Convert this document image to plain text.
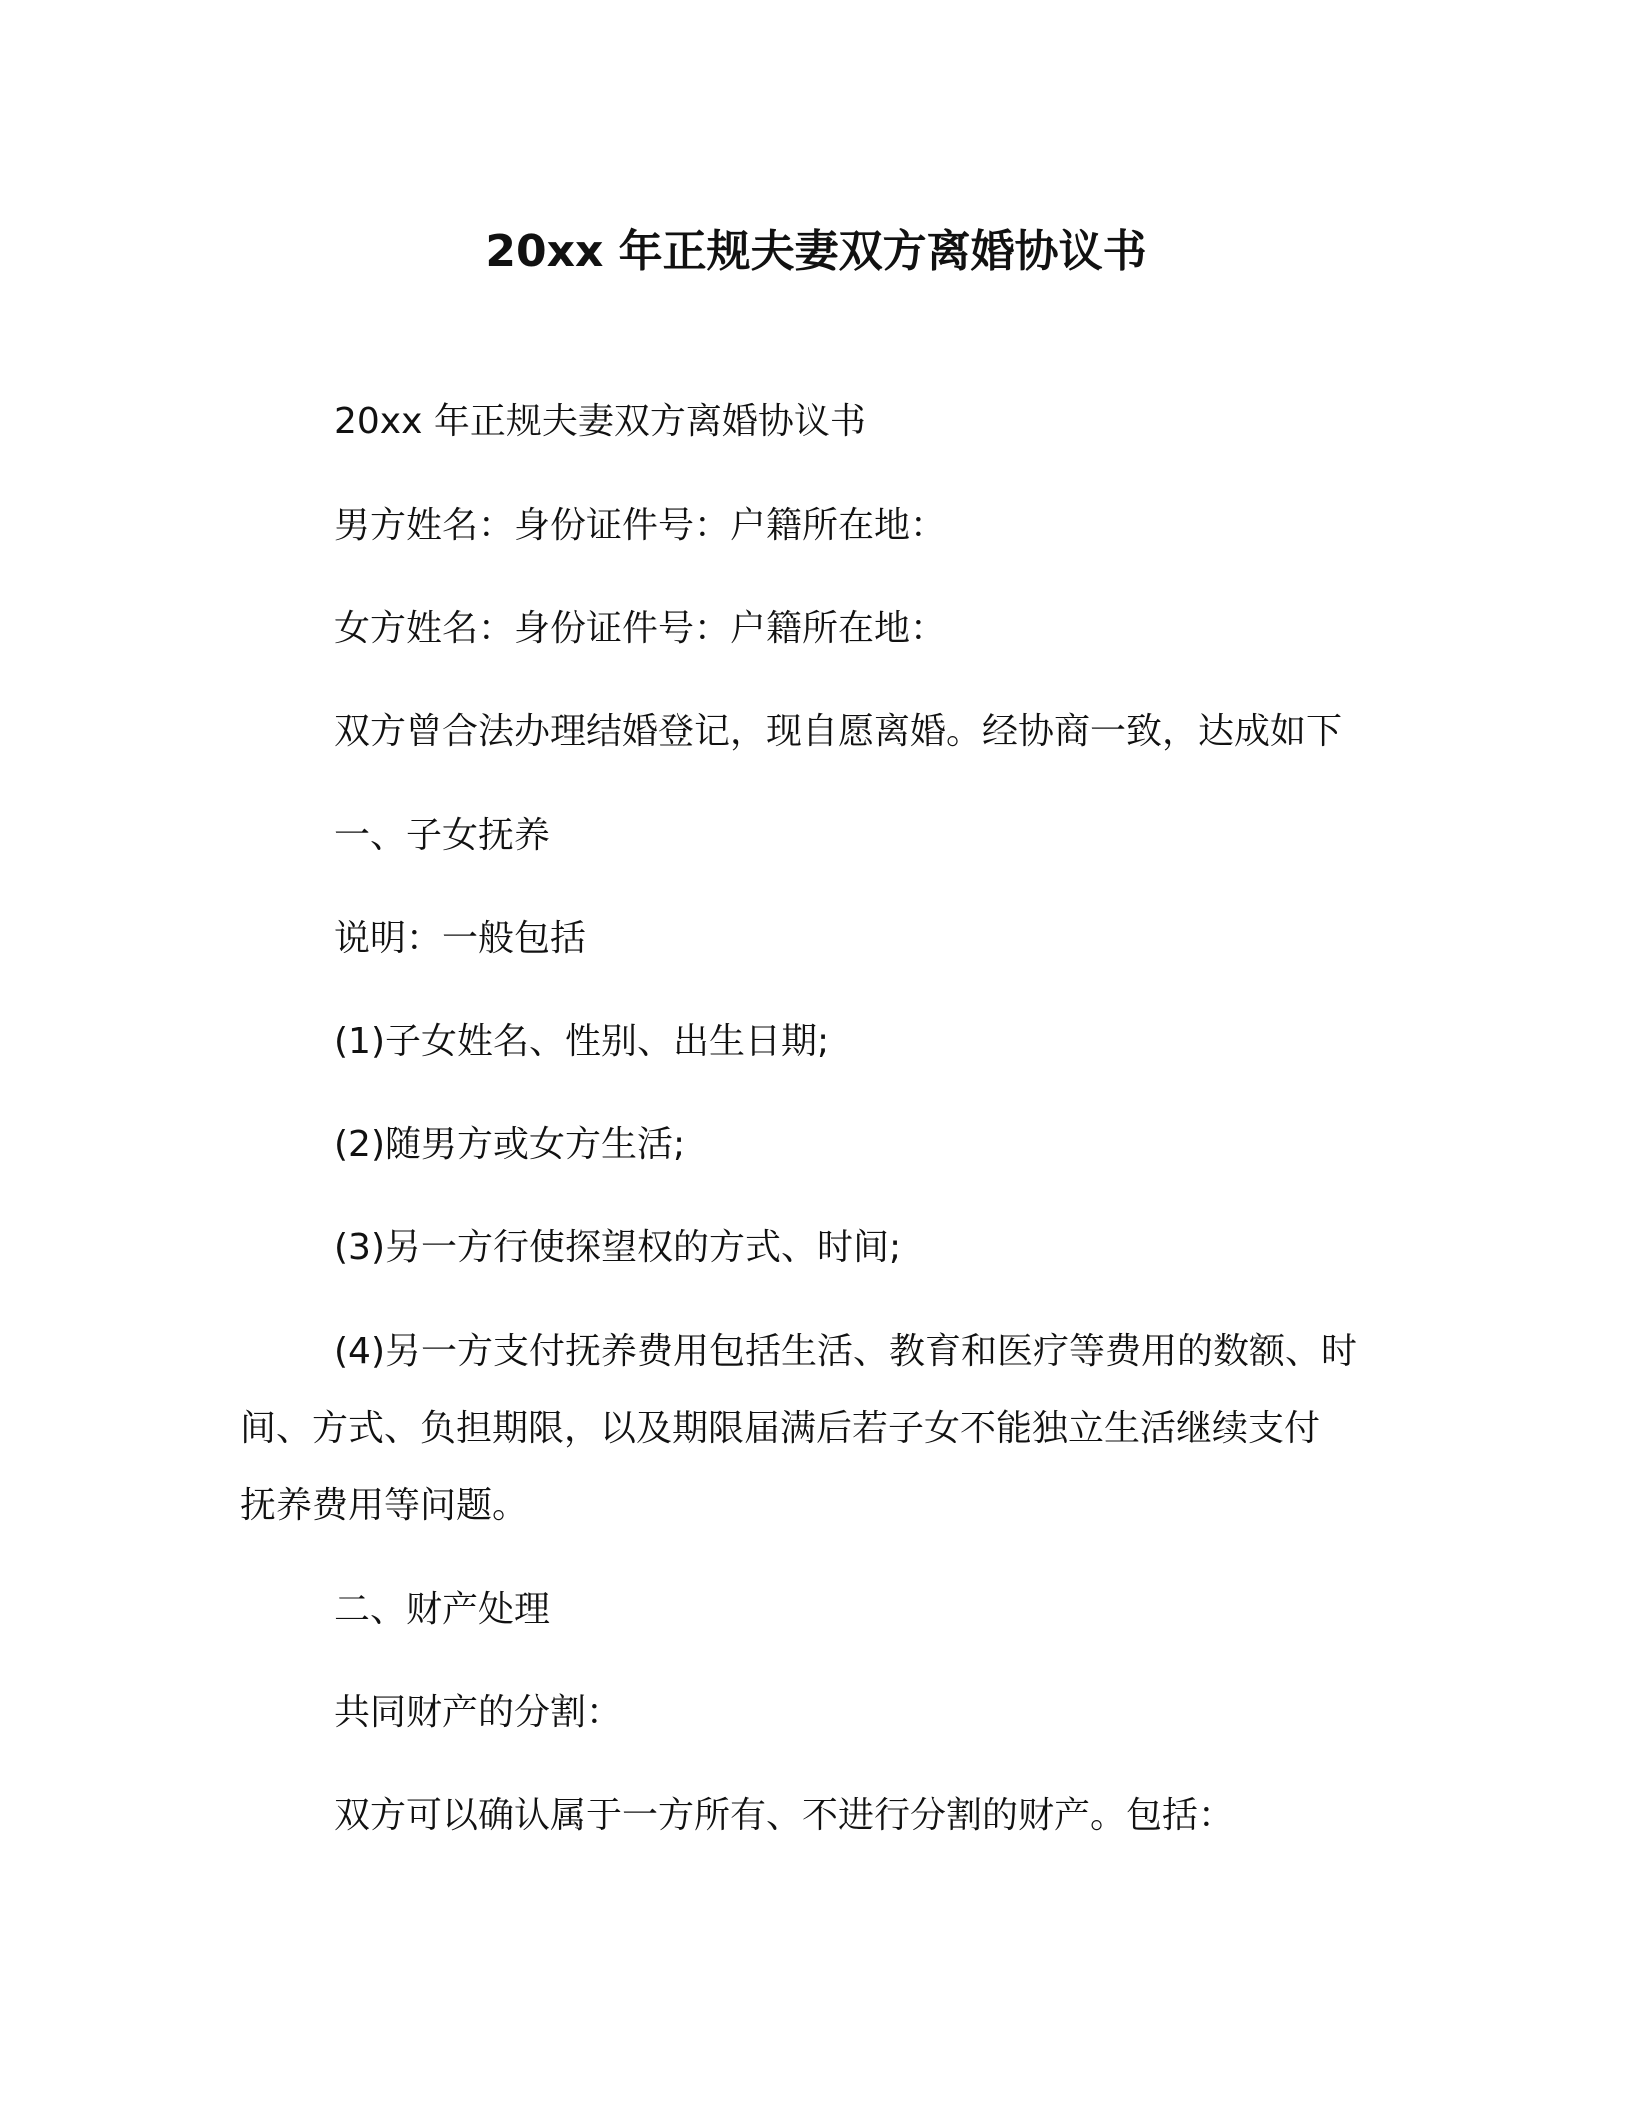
20xx 年正规夫妻双方离婚协议书
20xx 年正规夫妻双方离婚协议书
男方姓名：身份证件号：户籍所在地：
女方姓名：身份证件号：户籍所在地：
双方曾合法办理结婚登记，现自愿离婚。经协商一致，达成如下
一、子女抚养
说明：一般包括
(1)子女姓名、性别、出生日期;
(2)随男方或女方生活;
(3)另一方行使探望权的方式、时间;
(4)另一方支付抚养费用包括生活、教育和医疗等费用的数额、时
间、方式、负担期限，以及期限届满后若子女不能独立生活继续支付
抚养费用等问题。
二、财产处理
共同财产的分割：
双方可以确认属于一方所有、不进行分割的财产。包括：
